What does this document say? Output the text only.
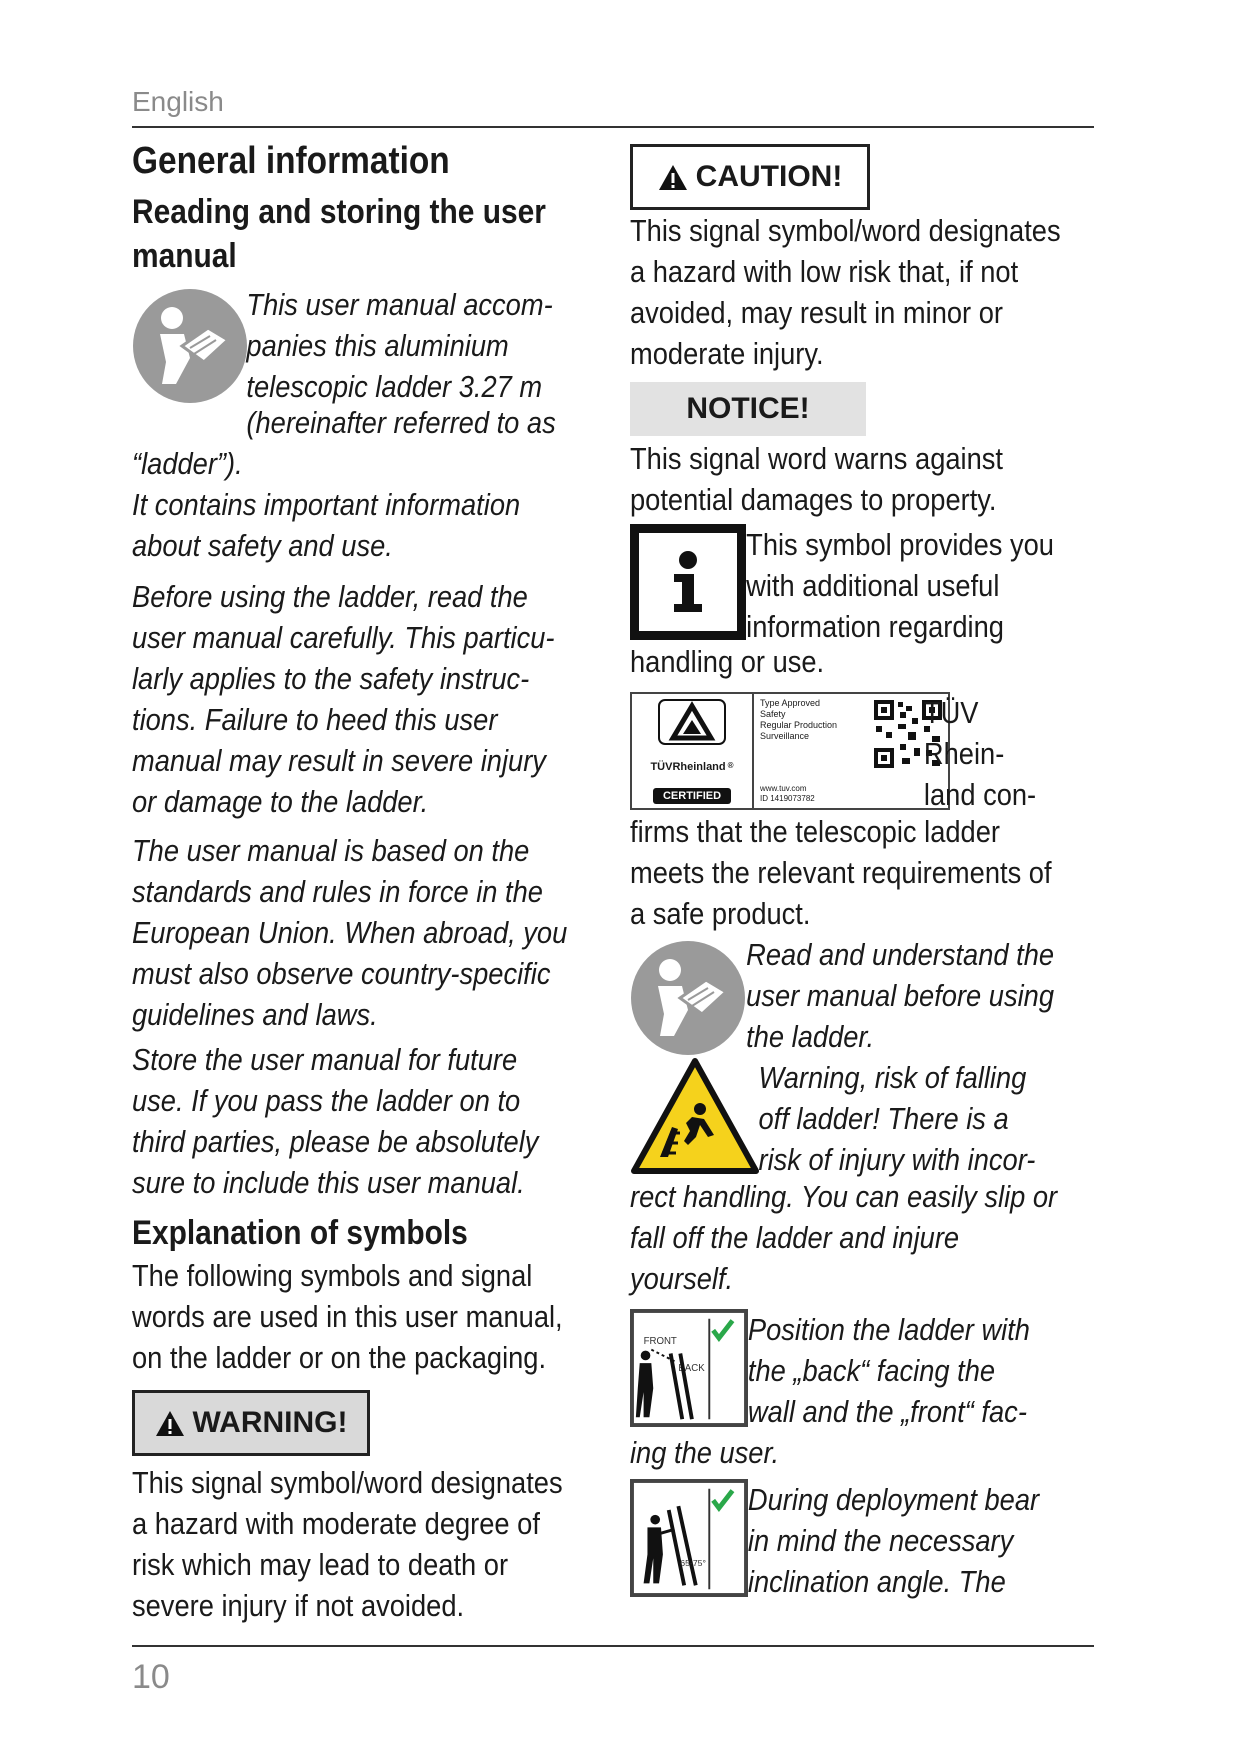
English
General information
Reading and storing the user manual

This user manual accom-

panies this aluminium

telescopic ladder 3.27 m

(hereinafter referred to as “ladder”).

It contains important information

about safety and use.

Before using the ladder, read the

user manual carefully. This particu-

larly applies to the safety instruc-

tions. Failure to heed this user

manual may result in severe injury

or damage to the ladder.

The user manual is based on the

standards and rules in force in the

European Union. When abroad, you

must also observe country-specific

guidelines and laws.

Store the user manual for future

use. If you pass the ladder on to

third parties, please be absolutely

sure to include this user manual.

Explanation of symbols

The following symbols and signal

words are used in this user manual,

on the ladder or on the packaging.

WARNING!

This signal symbol/word designates

a hazard with moderate degree of

risk which may lead to death or

severe injury if not avoided.

CAUTION!

This signal symbol/word designates

a hazard with low risk that, if not

avoided, may result in minor or

moderate injury.

NOTICE!

This signal word warns against

potential damages to property.

This symbol provides you

with additional useful

information regarding

handling or use.

TÜVRheinland ®
CERTIFIED
Type Approved
Safety
Regular Production
Surveillance
www.tuv.com
ID 1419073782

TÜV

Rhein-

land con-

firms that the telescopic ladder

meets the relevant requirements of

a safe product.

Read and understand the

user manual before using

the ladder.

Warning, risk of falling

off ladder! There is a

risk of injury with incor-

rect handling. You can easily slip or

fall off the ladder and injure

yourself.

FRONT
BACK

Position the ladder with

the „back“ facing the

wall and the „front“ fac-

ing the user.

65-75°

During deployment bear

in mind the necessary

inclination angle. The

10
